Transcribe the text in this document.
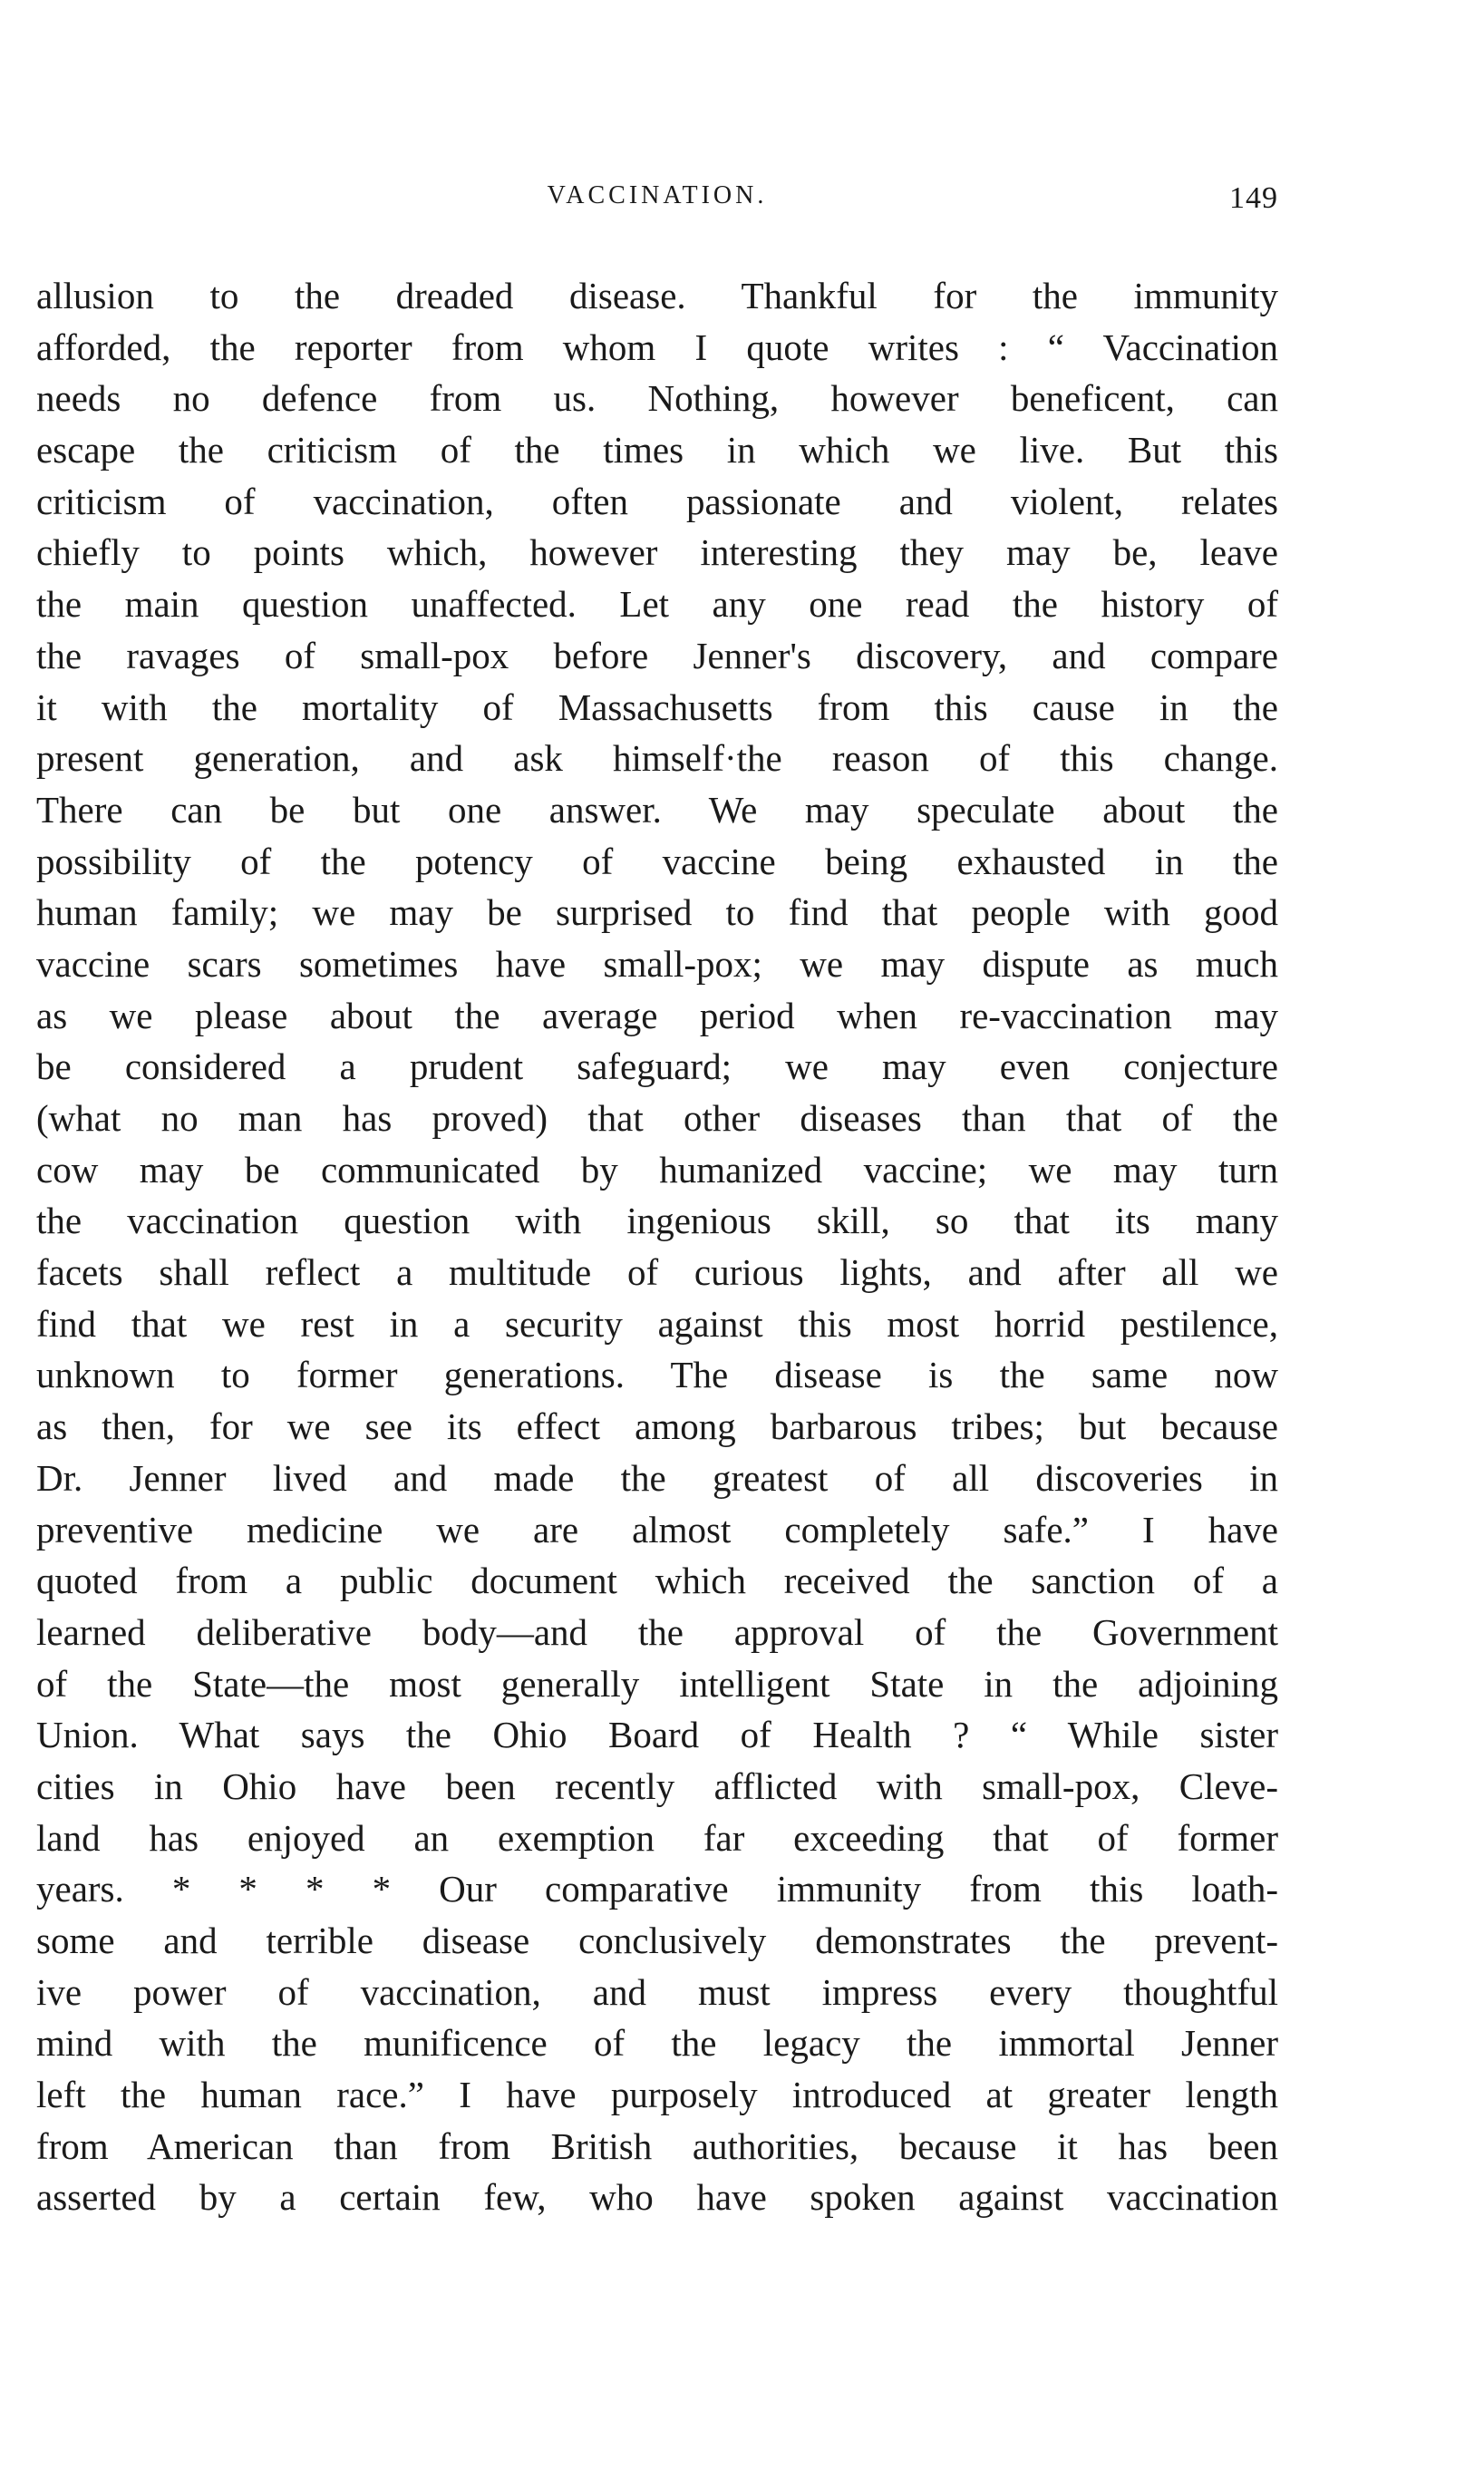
VACCINATION.	149
allusion to the dreaded disease. Thankful for the immunity
afforded, the reporter from whom I quote writes : “ Vaccination
needs no defence from us. Nothing, however beneficent, can
escape the criticism of the times in which we live. But this
criticism of vaccination, often passionate and violent, relates
chiefly to points which, however interesting they may be, leave
the main question unaffected. Let any one read the history of
the ravages of small-pox before Jenner's discovery, and compare
it with the mortality of Massachusetts from this cause in the
present generation, and ask himself·the reason of this change.
There can be but one answer. We may speculate about the
possibility of the potency of vaccine being exhausted in the
human family; we may be surprised to find that people with good
vaccine scars sometimes have small-pox; we may dispute as much
as we please about the average period when re-vaccination may
be considered a prudent safeguard; we may even conjecture
(what no man has proved) that other diseases than that of the
cow may be communicated by humanized vaccine; we may turn
the vaccination question with ingenious skill, so that its many
facets shall reflect a multitude of curious lights, and after all we
find that we rest in a security against this most horrid pestilence,
unknown to former generations. The disease is the same now
as then, for we see its effect among barbarous tribes; but because
Dr. Jenner lived and made the greatest of all discoveries in
preventive medicine we are almost completely safe.” I have
quoted from a public document which received the sanction of a
learned deliberative body—and the approval of the Government
of the State—the most generally intelligent State in the adjoining
Union. What says the Ohio Board of Health ? “ While sister
cities in Ohio have been recently afflicted with small-pox, Cleve-
land has enjoyed an exemption far exceeding that of former
years. * * * * Our comparative immunity from this loath-
some and terrible disease conclusively demonstrates the prevent-
ive power of vaccination, and must impress every thoughtful
mind with the munificence of the legacy the immortal Jenner
left the human race.” I have purposely introduced at greater length
from American than from British authorities, because it has been
asserted by a certain few, who have spoken against vaccination
